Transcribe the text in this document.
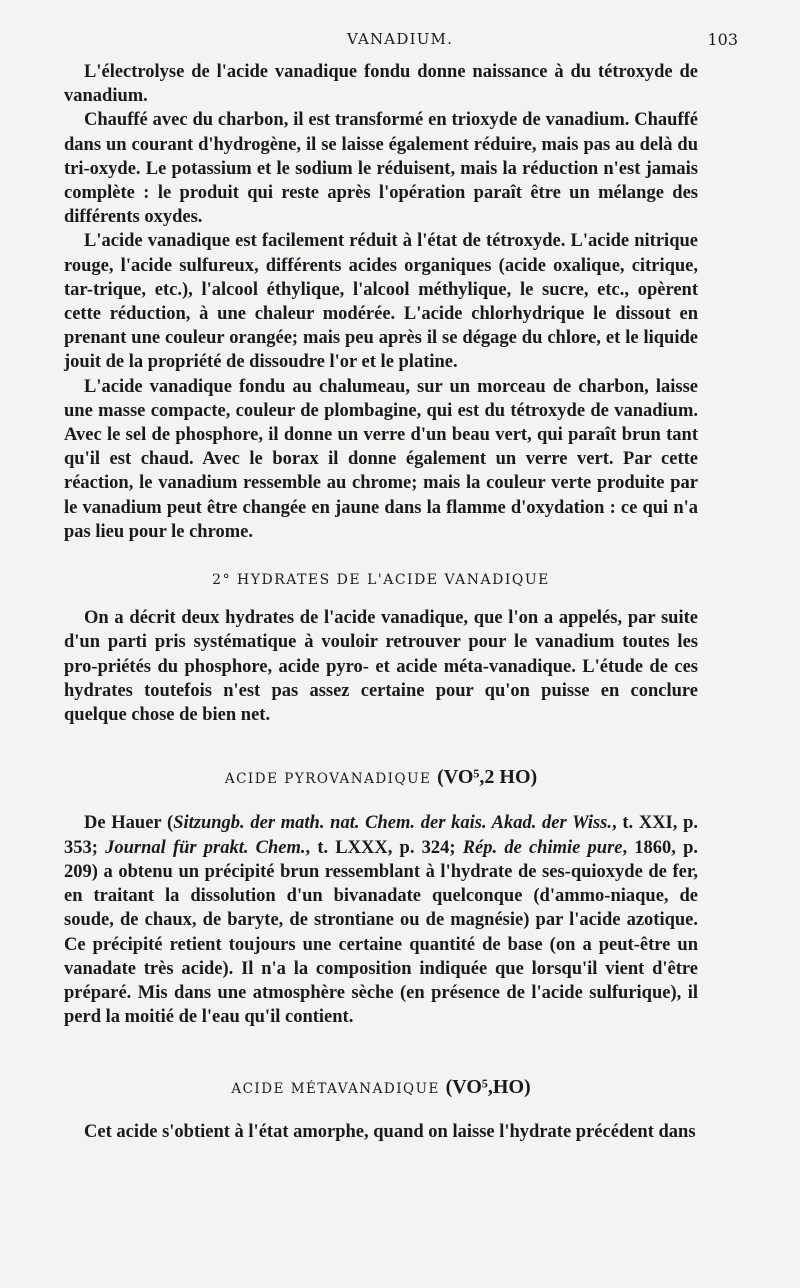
VANADIUM.	103

L'électrolyse de l'acide vanadique fondu donne naissance à du tétroxyde de vanadium.

Chauffé avec du charbon, il est transformé en trioxyde de vanadium. Chauffé dans un courant d'hydrogène, il se laisse également réduire, mais pas au delà du tri-oxyde. Le potassium et le sodium le réduisent, mais la réduction n'est jamais complète : le produit qui reste après l'opération paraît être un mélange des différents oxydes.

L'acide vanadique est facilement réduit à l'état de tétroxyde. L'acide nitrique rouge, l'acide sulfureux, différents acides organiques (acide oxalique, citrique, tar-trique, etc.), l'alcool éthylique, l'alcool méthylique, le sucre, etc., opèrent cette réduction, à une chaleur modérée. L'acide chlorhydrique le dissout en prenant une couleur orangée; mais peu après il se dégage du chlore, et le liquide jouit de la propriété de dissoudre l'or et le platine.

L'acide vanadique fondu au chalumeau, sur un morceau de charbon, laisse une masse compacte, couleur de plombagine, qui est du tétroxyde de vanadium. Avec le sel de phosphore, il donne un verre d'un beau vert, qui paraît brun tant qu'il est chaud. Avec le borax il donne également un verre vert. Par cette réaction, le vanadium ressemble au chrome; mais la couleur verte produite par le vanadium peut être changée en jaune dans la flamme d'oxydation : ce qui n'a pas lieu pour le chrome.

2° HYDRATES DE L'ACIDE VANADIQUE

On a décrit deux hydrates de l'acide vanadique, que l'on a appelés, par suite d'un parti pris systématique à vouloir retrouver pour le vanadium toutes les pro-priétés du phosphore, acide pyro- et acide méta-vanadique. L'étude de ces hydrates toutefois n'est pas assez certaine pour qu'on puisse en conclure quelque chose de bien net.

ACIDE PYROVANADIQUE (VO⁵,2 HO)

De Hauer (Sitzungb. der math. nat. Chem. der kais. Akad. der Wiss., t. XXI, p. 353; Journal für prakt. Chem., t. LXXX, p. 324; Rép. de chimie pure, 1860, p. 209) a obtenu un précipité brun ressemblant à l'hydrate de ses-quioxyde de fer, en traitant la dissolution d'un bivanadate quelconque (d'ammo-niaque, de soude, de chaux, de baryte, de strontiane ou de magnésie) par l'acide azotique. Ce précipité retient toujours une certaine quantité de base (on a peut-être un vanadate très acide). Il n'a la composition indiquée que lorsqu'il vient d'être préparé. Mis dans une atmosphère sèche (en présence de l'acide sulfurique), il perd la moitié de l'eau qu'il contient.

ACIDE MÉTAVANADIQUE (VO⁵,HO)

Cet acide s'obtient à l'état amorphe, quand on laisse l'hydrate précédent dans
